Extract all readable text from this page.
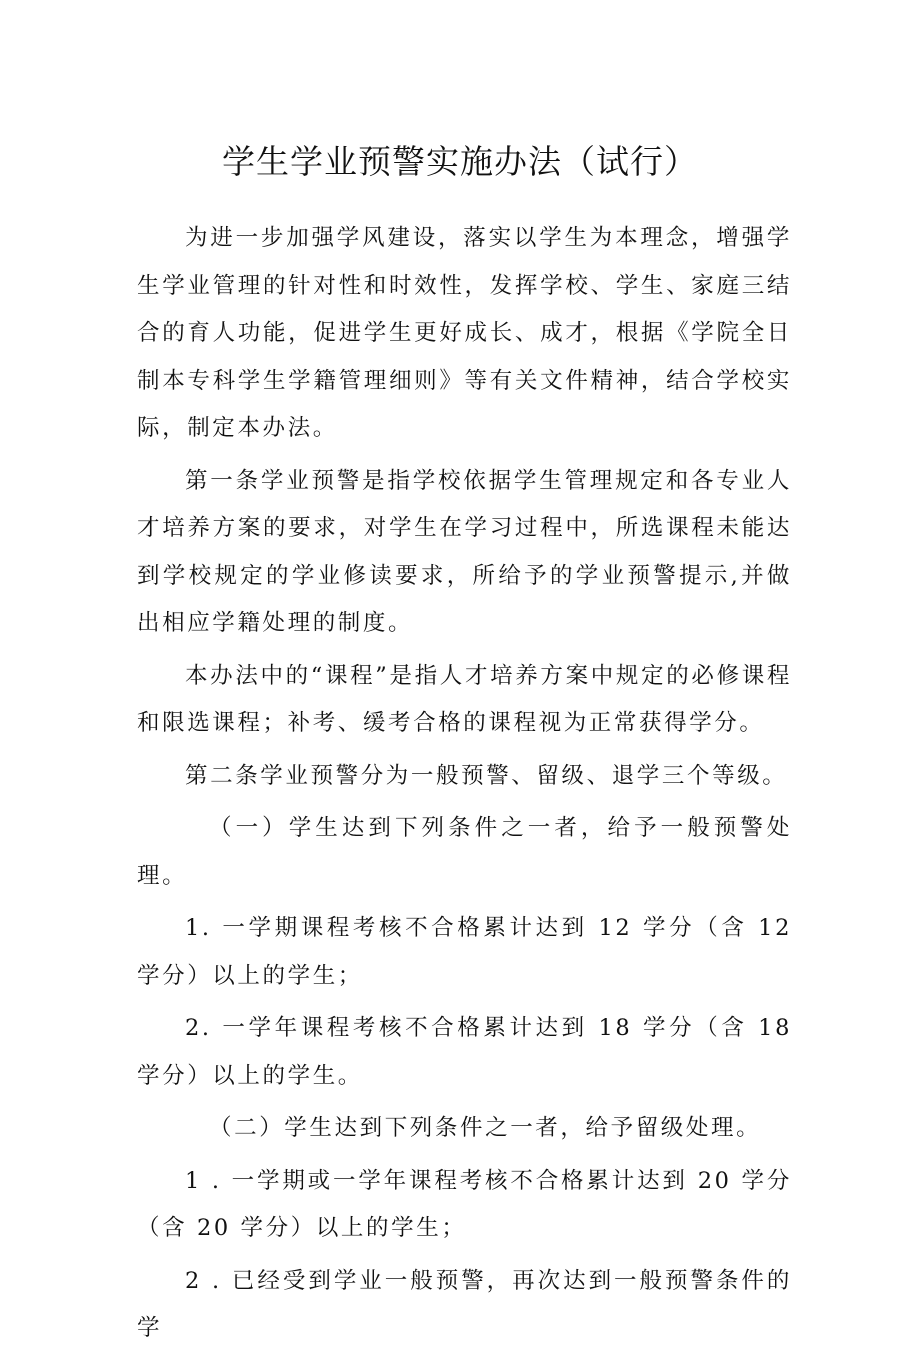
学生学业预警实施办法（试行）

为进一步加强学风建设，落实以学生为本理念，增强学生学业管理的针对性和时效性，发挥学校、学生、家庭三结合的育人功能，促进学生更好成长、成才，根据《学院全日制本专科学生学籍管理细则》等有关文件精神，结合学校实际，制定本办法。

第一条学业预警是指学校依据学生管理规定和各专业人才培养方案的要求，对学生在学习过程中，所选课程未能达到学校规定的学业修读要求，所给予的学业预警提示,并做出相应学籍处理的制度。

本办法中的“课程”是指人才培养方案中规定的必修课程和限选课程；补考、缓考合格的课程视为正常获得学分。

第二条学业预警分为一般预警、留级、退学三个等级。

（一）学生达到下列条件之一者，给予一般预警处理。

1. 一学期课程考核不合格累计达到 12 学分（含 12 学分）以上的学生；

2. 一学年课程考核不合格累计达到 18 学分（含 18 学分）以上的学生。

（二）学生达到下列条件之一者，给予留级处理。

1 . 一学期或一学年课程考核不合格累计达到 20 学分（含 20 学分）以上的学生；

2 . 已经受到学业一般预警，再次达到一般预警条件的学
